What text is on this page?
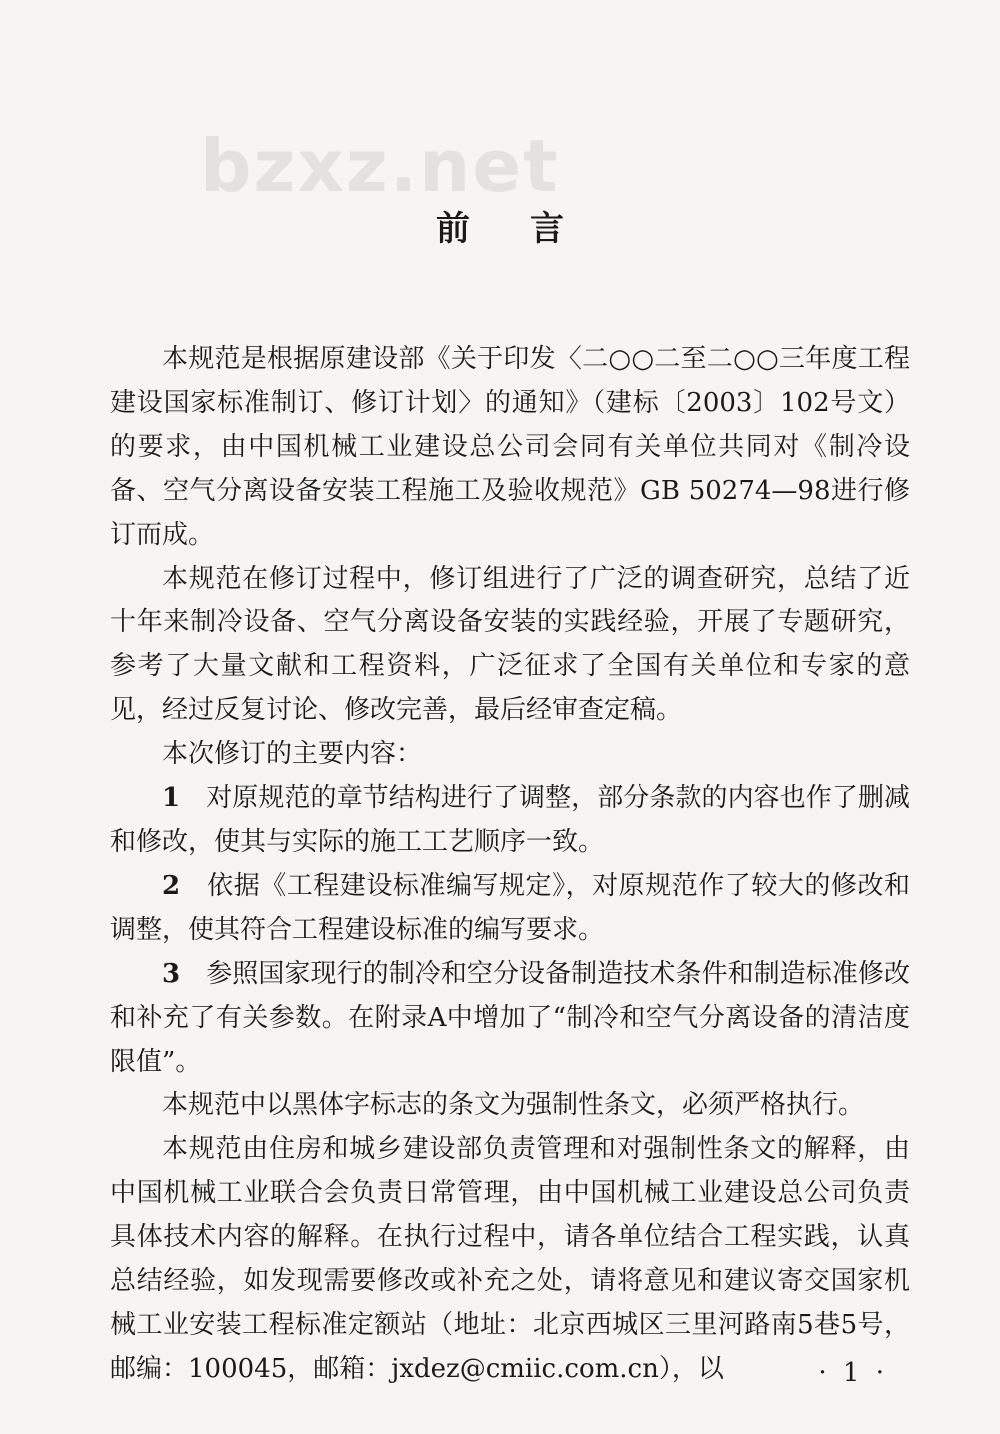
bzxz.net
前言

本规范是根据原建设部《关于印发〈二○○二至二○○三年度工程建设国家标准制订、修订计划〉的通知》（建标〔2003〕102号文）的要求，由中国机械工业建设总公司会同有关单位共同对《制冷设备、空气分离设备安装工程施工及验收规范》GB 50274—98进行修订而成。

本规范在修订过程中，修订组进行了广泛的调查研究，总结了近十年来制冷设备、空气分离设备安装的实践经验，开展了专题研究，参考了大量文献和工程资料，广泛征求了全国有关单位和专家的意见，经过反复讨论、修改完善，最后经审查定稿。

本次修订的主要内容：

1　 对原规范的章节结构进行了调整，部分条款的内容也作了删减和修改，使其与实际的施工工艺顺序一致。

2　 依据《工程建设标准编写规定》，对原规范作了较大的修改和调整，使其符合工程建设标准的编写要求。

3　 参照国家现行的制冷和空分设备制造技术条件和制造标准修改和补充了有关参数。在附录A中增加了“制冷和空气分离设备的清洁度限值”。

本规范中以黑体字标志的条文为强制性条文，必须严格执行。

本规范由住房和城乡建设部负责管理和对强制性条文的解释，由中国机械工业联合会负责日常管理，由中国机械工业建设总公司负责具体技术内容的解释。在执行过程中，请各单位结合工程实践，认真总结经验，如发现需要修改或补充之处，请将意见和建议寄交国家机械工业安装工程标准定额站（地址：北京西城区三里河路南5巷5号，邮编：100045，邮箱：jxdez@cmiic.com.cn），以	· 1 ·
